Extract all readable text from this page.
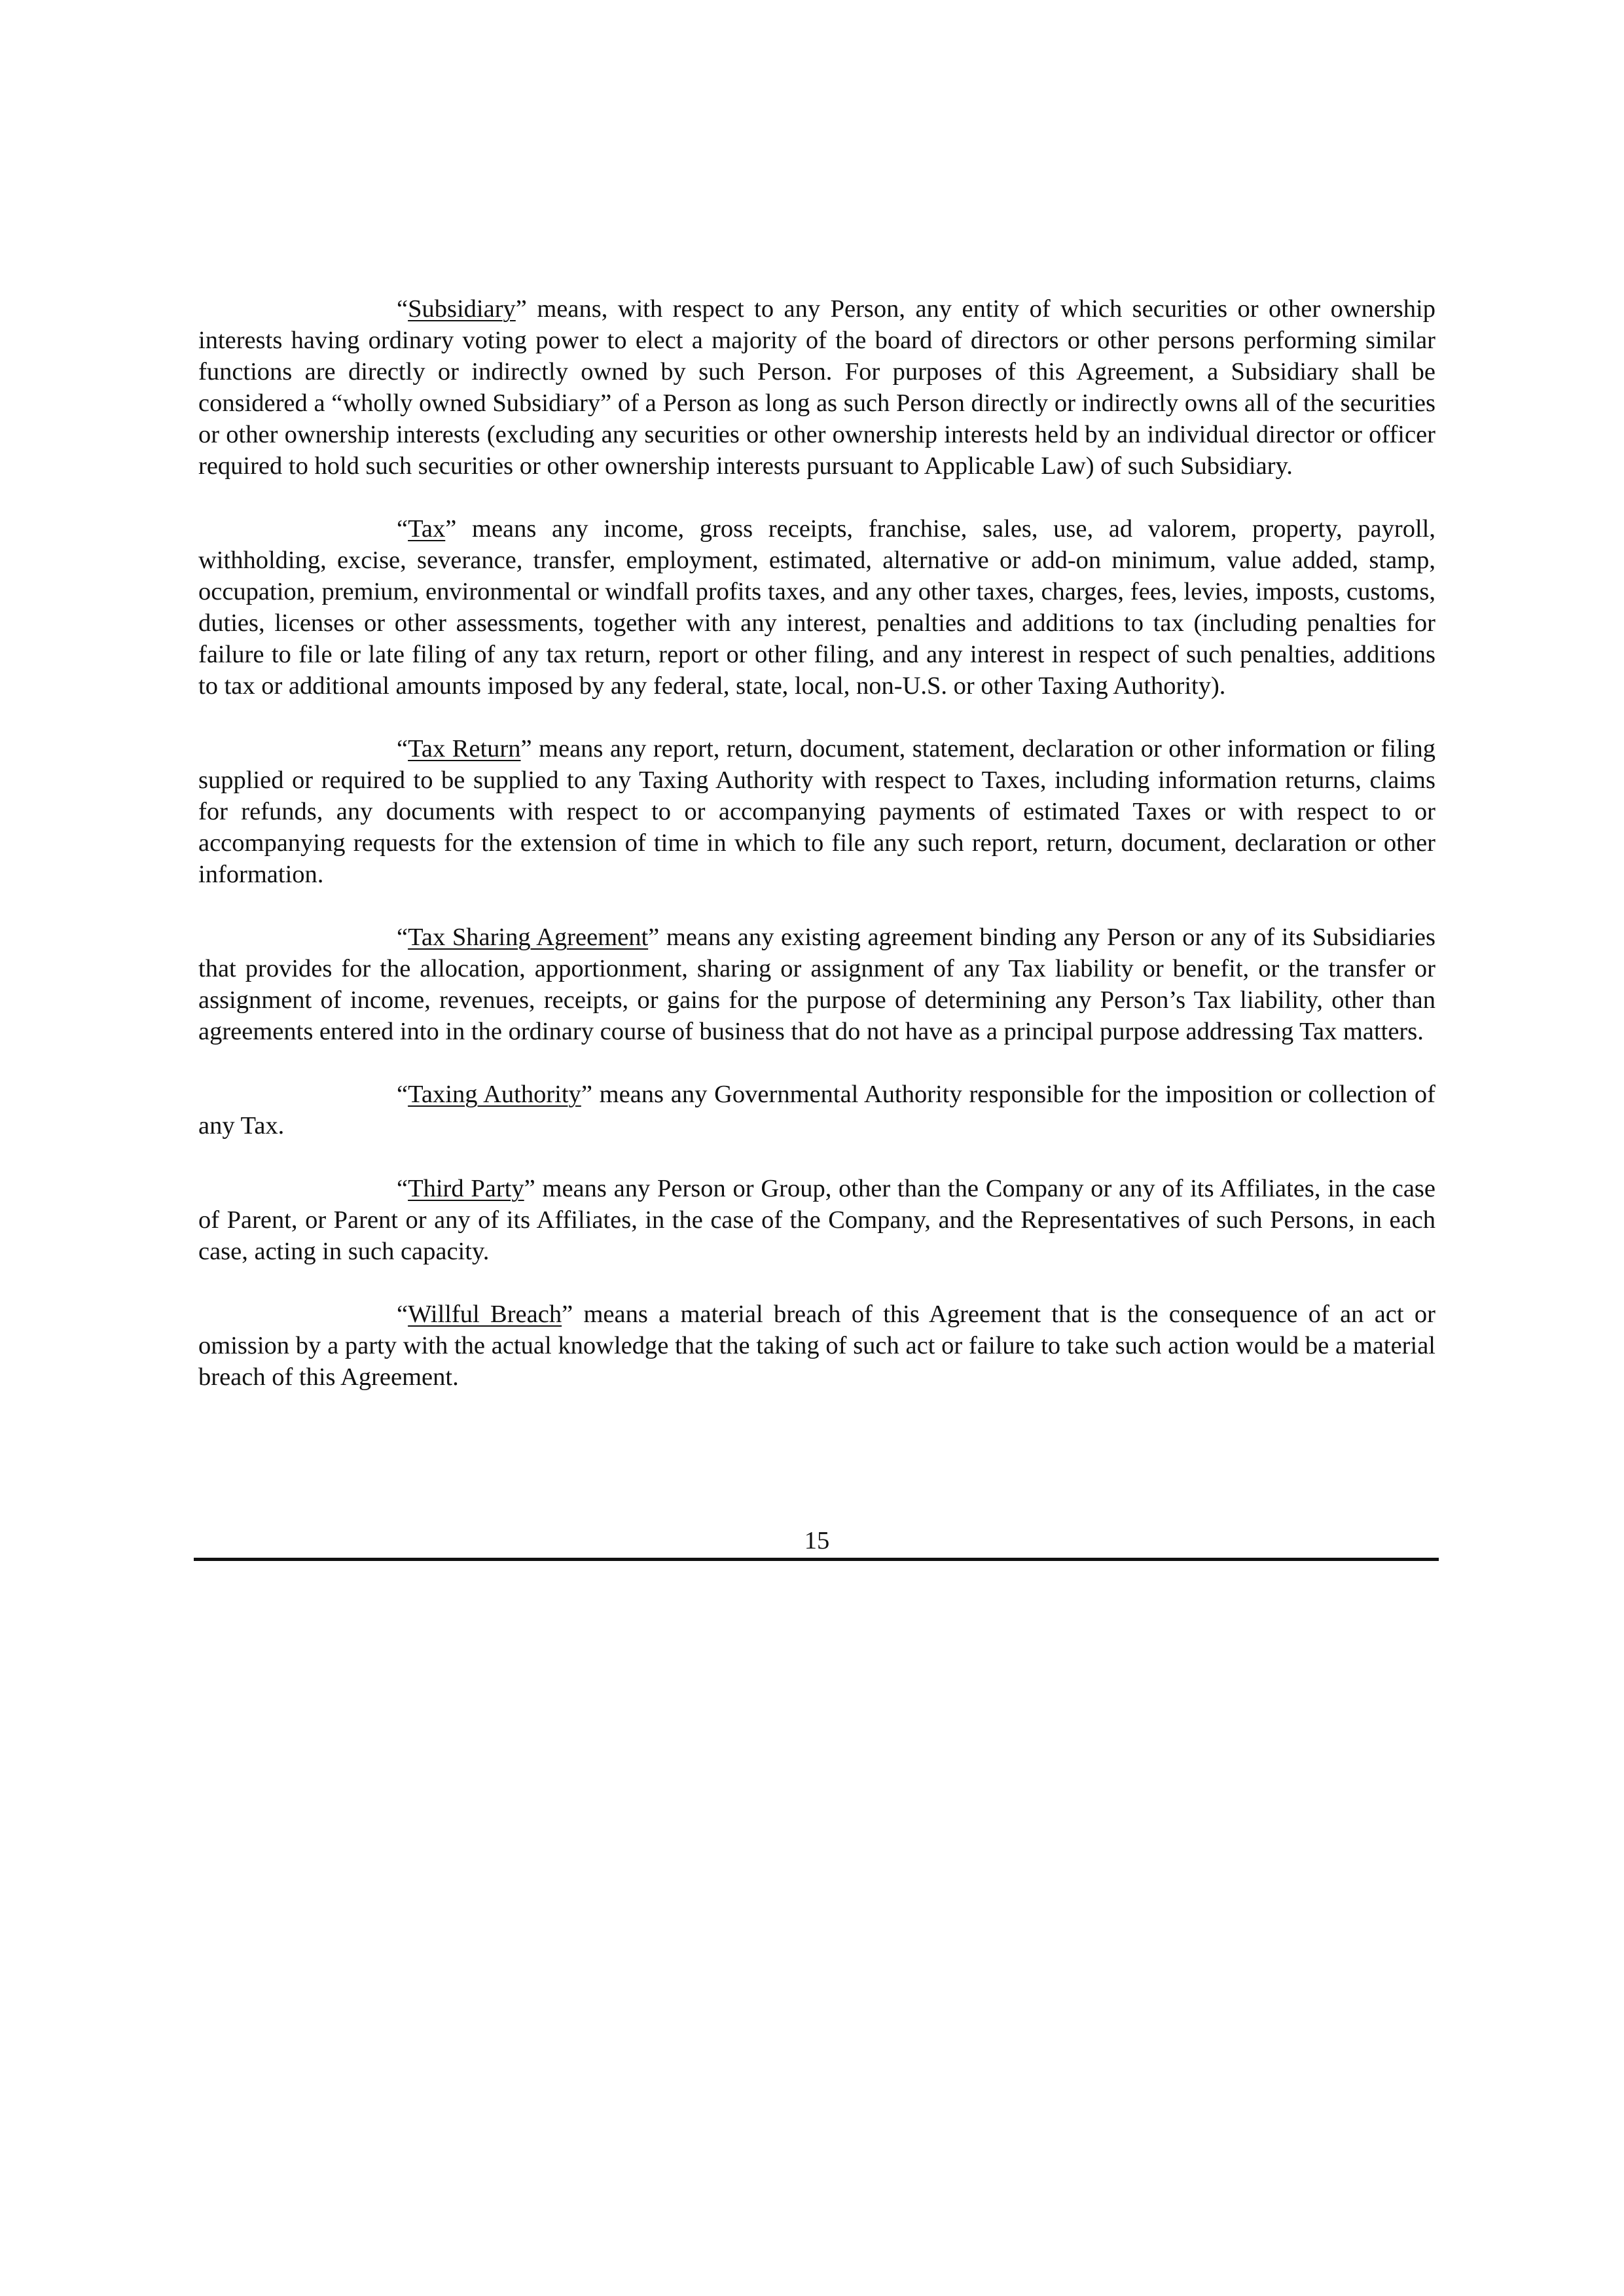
“Subsidiary” means, with respect to any Person, any entity of which securities or other ownership interests having ordinary voting power to elect a majority of the board of directors or other persons performing similar functions are directly or indirectly owned by such Person. For purposes of this Agreement, a Subsidiary shall be considered a “wholly owned Subsidiary” of a Person as long as such Person directly or indirectly owns all of the securities or other ownership interests (excluding any securities or other ownership interests held by an individual director or officer required to hold such securities or other ownership interests pursuant to Applicable Law) of such Subsidiary.

“Tax” means any income, gross receipts, franchise, sales, use, ad valorem, property, payroll, withholding, excise, severance, transfer, employment, estimated, alternative or add-on minimum, value added, stamp, occupation, premium, environmental or windfall profits taxes, and any other taxes, charges, fees, levies, imposts, customs, duties, licenses or other assessments, together with any interest, penalties and additions to tax (including penalties for failure to file or late filing of any tax return, report or other filing, and any interest in respect of such penalties, additions to tax or additional amounts imposed by any federal, state, local, non-U.S. or other Taxing Authority).

“Tax Return” means any report, return, document, statement, declaration or other information or filing supplied or required to be supplied to any Taxing Authority with respect to Taxes, including information returns, claims for refunds, any documents with respect to or accompanying payments of estimated Taxes or with respect to or accompanying requests for the extension of time in which to file any such report, return, document, declaration or other information.

“Tax Sharing Agreement” means any existing agreement binding any Person or any of its Subsidiaries that provides for the allocation, apportionment, sharing or assignment of any Tax liability or benefit, or the transfer or assignment of income, revenues, receipts, or gains for the purpose of determining any Person’s Tax liability, other than agreements entered into in the ordinary course of business that do not have as a principal purpose addressing Tax matters.

“Taxing Authority” means any Governmental Authority responsible for the imposition or collection of any Tax.

“Third Party” means any Person or Group, other than the Company or any of its Affiliates, in the case of Parent, or Parent or any of its Affiliates, in the case of the Company, and the Representatives of such Persons, in each case, acting in such capacity.

“Willful Breach” means a material breach of this Agreement that is the consequence of an act or omission by a party with the actual knowledge that the taking of such act or failure to take such action would be a material breach of this Agreement.

15
